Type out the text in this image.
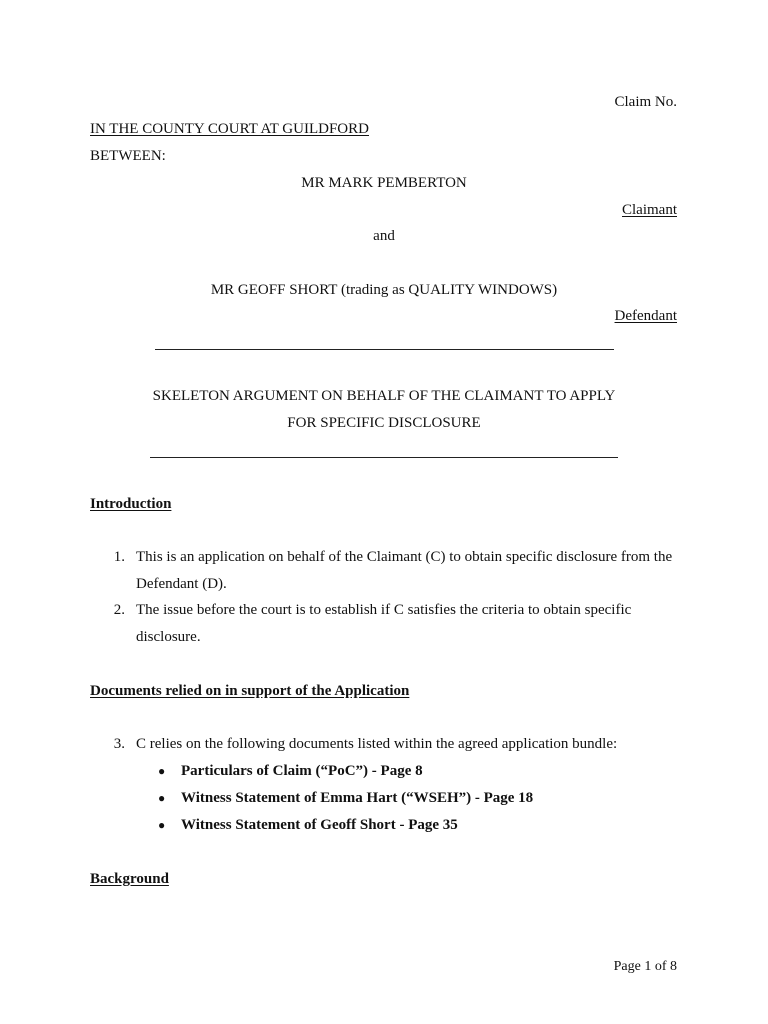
Claim No.
IN THE COUNTY COURT AT GUILDFORD
BETWEEN:
MR MARK PEMBERTON
Claimant
and
MR GEOFF SHORT (trading as QUALITY WINDOWS)
Defendant
SKELETON ARGUMENT ON BEHALF OF THE CLAIMANT TO APPLY
FOR SPECIFIC DISCLOSURE
Introduction
1. This is an application on behalf of the Claimant (C) to obtain specific disclosure from the
Defendant (D).
2. The issue before the court is to establish if C satisfies the criteria to obtain specific
disclosure.
Documents relied on in support of the Application
3. C relies on the following documents listed within the agreed application bundle:
● Particulars of Claim (“PoC”) - Page 8
● Witness Statement of Emma Hart (“WSEH”) - Page 18
● Witness Statement of Geoff Short - Page 35
Background
Page 1 of 8
